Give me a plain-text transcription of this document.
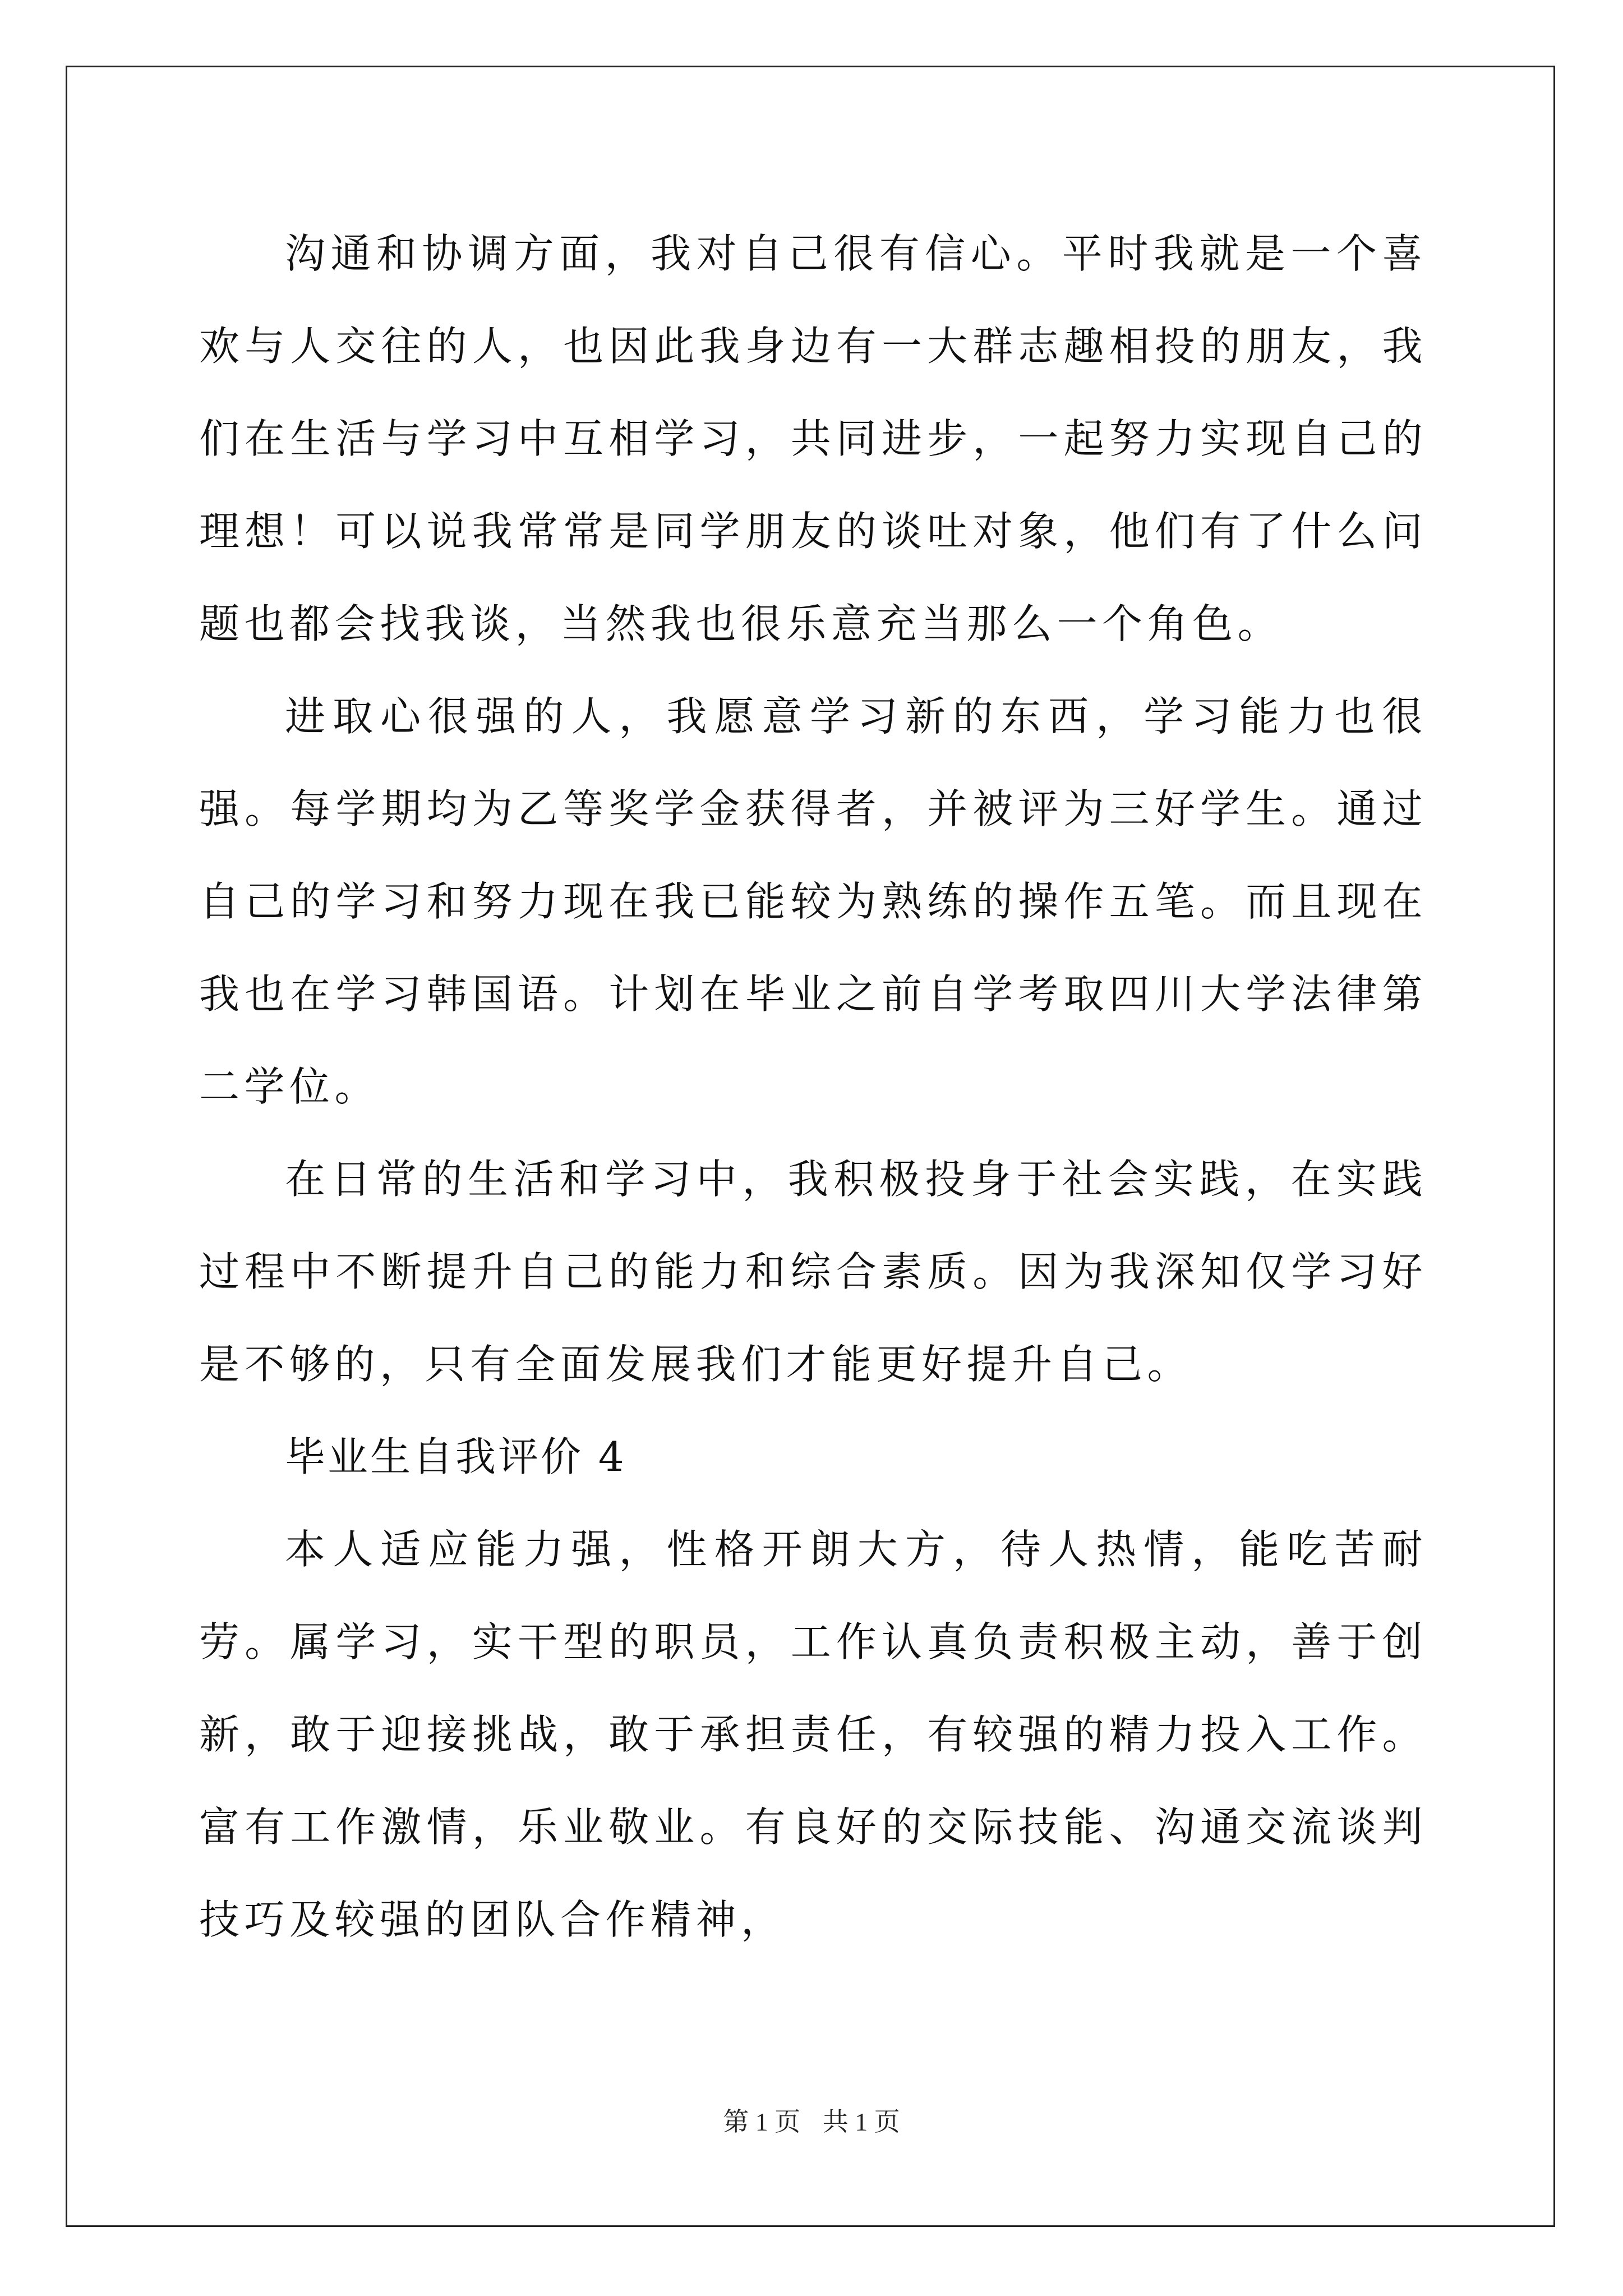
沟通和协调方面，我对自己很有信心。平时我就是一个喜欢与人交往的人，也因此我身边有一大群志趣相投的朋友，我们在生活与学习中互相学习，共同进步，一起努力实现自己的理想！可以说我常常是同学朋友的谈吐对象，他们有了什么问题也都会找我谈，当然我也很乐意充当那么一个角色。

进取心很强的人，我愿意学习新的东西，学习能力也很强。每学期均为乙等奖学金获得者，并被评为三好学生。通过自己的学习和努力现在我已能较为熟练的操作五笔。而且现在我也在学习韩国语。计划在毕业之前自学考取四川大学法律第二学位。

在日常的生活和学习中，我积极投身于社会实践，在实践过程中不断提升自己的能力和综合素质。因为我深知仅学习好是不够的，只有全面发展我们才能更好提升自己。

毕业生自我评价 4

本人适应能力强，性格开朗大方，待人热情，能吃苦耐劳。属学习，实干型的职员，工作认真负责积极主动，善于创新，敢于迎接挑战，敢于承担责任，有较强的精力投入工作。富有工作激情，乐业敬业。有良好的交际技能、沟通交流谈判技巧及较强的团队合作精神，

第 1 页 共 1 页
